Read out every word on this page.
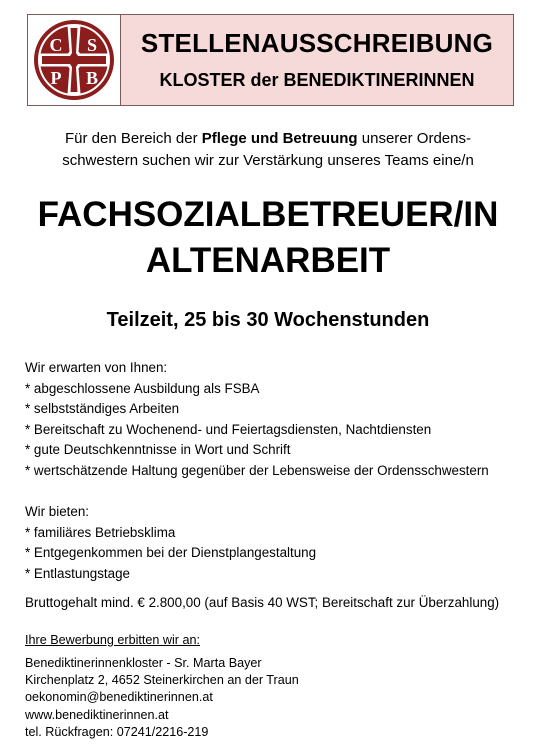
C S
P B
STELLENAUSSCHREIBUNG
KLOSTER der BENEDIKTINERINNEN
Für den Bereich der Pflege und Betreuung unserer Ordens-
schwestern suchen wir zur Verstärkung unseres Teams eine/n
FACHSOZIALBETREUER/IN
ALTENARBEIT
Teilzeit, 25 bis 30 Wochenstunden
Wir erwarten von Ihnen:
* abgeschlossene Ausbildung als FSBA
* selbstständiges Arbeiten
* Bereitschaft zu Wochenend- und Feiertagsdiensten, Nachtdiensten
* gute Deutschkenntnisse in Wort und Schrift
* wertschätzende Haltung gegenüber der Lebensweise der Ordensschwestern
Wir bieten:
* familiäres Betriebsklima
* Entgegenkommen bei der Dienstplangestaltung
* Entlastungstage
Bruttogehalt mind. € 2.800,00 (auf Basis 40 WST; Bereitschaft zur Überzahlung)
Ihre Bewerbung erbitten wir an:
Benediktinerinnenkloster - Sr. Marta Bayer
Kirchenplatz 2, 4652 Steinerkirchen an der Traun
oekonomin@benediktinerinnen.at
www.benediktinerinnen.at
tel. Rückfragen: 07241/2216-219
